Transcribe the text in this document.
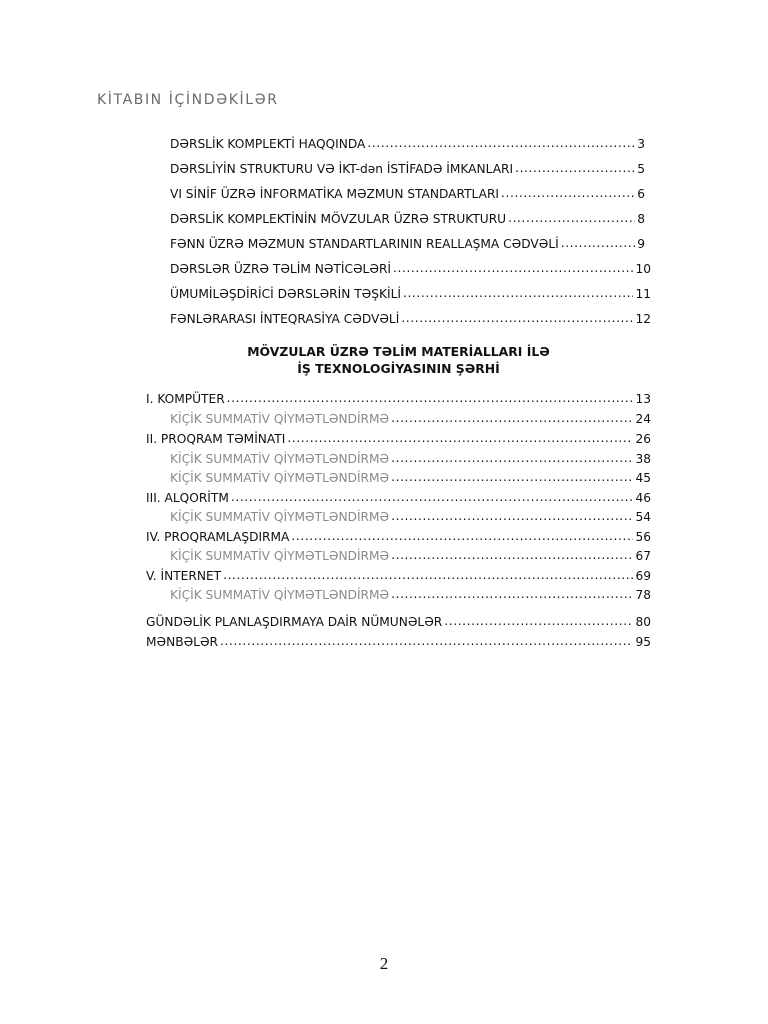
KİTABIN İÇİNDƏKİLƏR
DƏRSLİK KOMPLEKTİ HAQQINDA .....	3
DƏRSLİYİN STRUKTURU VƏ İKT-dən İSTİFADƏ İMKANLARI .....	5
VI SİNİF ÜZRƏ İNFORMATİKA MƏZMUN STANDARTLARI .....	6
DƏRSLİK KOMPLEKTİNİN MÖVZULAR ÜZRƏ STRUKTURU .....	8
FƏNN ÜZRƏ MƏZMUN STANDARTLARININ REALLAŞMA CƏDVƏLİ .....	9
DƏRSLƏR ÜZRƏ TƏLİM NƏTİCƏLƏRİ .....	10
ÜMUMİLƏŞDİRİCİ DƏRSLƏRİN TƏŞKİLİ .....	11
FƏNLƏRARASI İNTEQRASİYA CƏDVƏLİ .....	12
MÖVZULAR ÜZRƏ TƏLİM MATERİALLARI İLƏ
İŞ TEXNOLOGİYASININ ŞƏRHİ
I. KOMPÜTER .....	13
KİÇİK SUMMATİV QİYMƏTLƏNDİRMƏ .....	24
II. PROQRAM TƏMİNATI .....	26
KİÇİK SUMMATİV QİYMƏTLƏNDİRMƏ .....	38
KİÇİK SUMMATİV QİYMƏTLƏNDİRMƏ .....	45
III. ALQORİTM .....	46
KİÇİK SUMMATİV QİYMƏTLƏNDİRMƏ .....	54
IV. PROQRAMLAŞDIRMA .....	56
KİÇİK SUMMATİV QİYMƏTLƏNDİRMƏ .....	67
V. İNTERNET .....	69
KİÇİK SUMMATİV QİYMƏTLƏNDİRMƏ .....	78
GÜNDƏLİK PLANLAŞDIRMAYA DAİR NÜMUNƏLƏR .....	80
MƏNBƏLƏR .....	95
2
